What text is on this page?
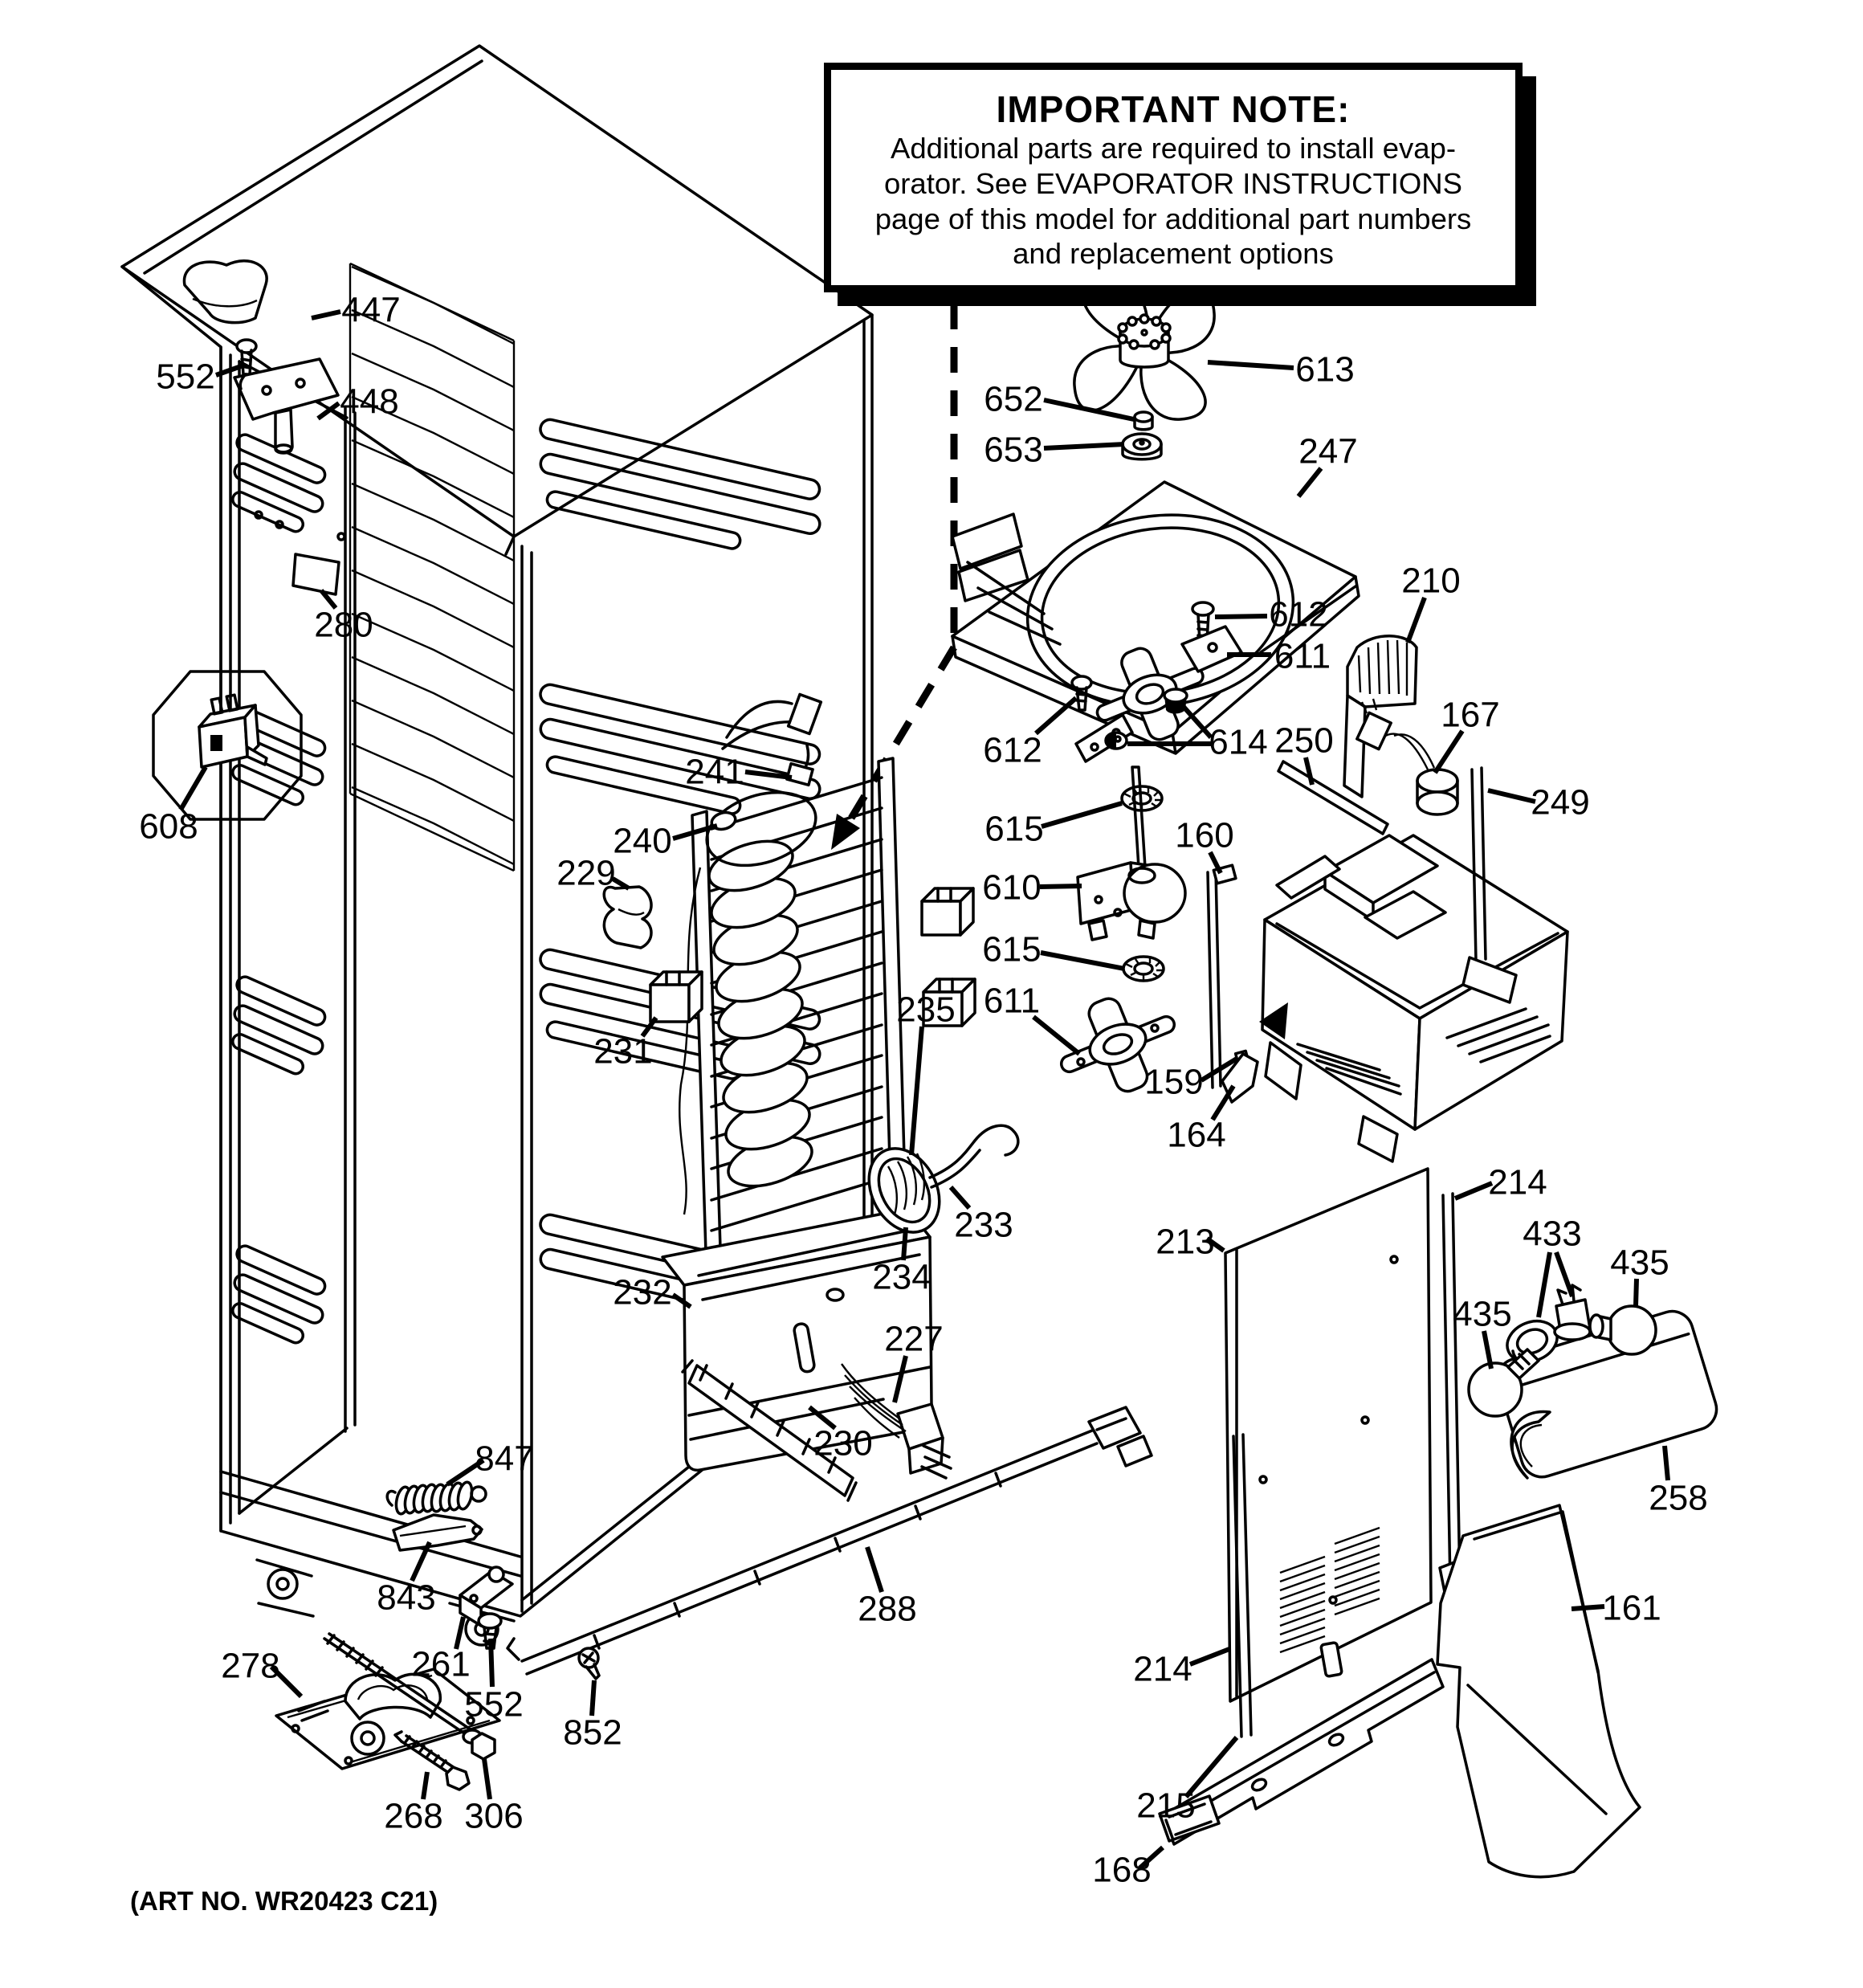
447
552
448
280
608
241
240
229
231
232
235
233
234
230
227
288
613
652
653	247
612
611
612	614 250
210
167
249
615
610
615
611
160
159
164
213
214
433
435
435
258
161
214
215
168
847
843
261
552
852
278
268 306
IMPORTANT NOTE:
Additional parts are required to install evap-
orator. See EVAPORATOR INSTRUCTIONS
page of this model for additional part numbers
and replacement options
(ART NO. WR20423 C21)
